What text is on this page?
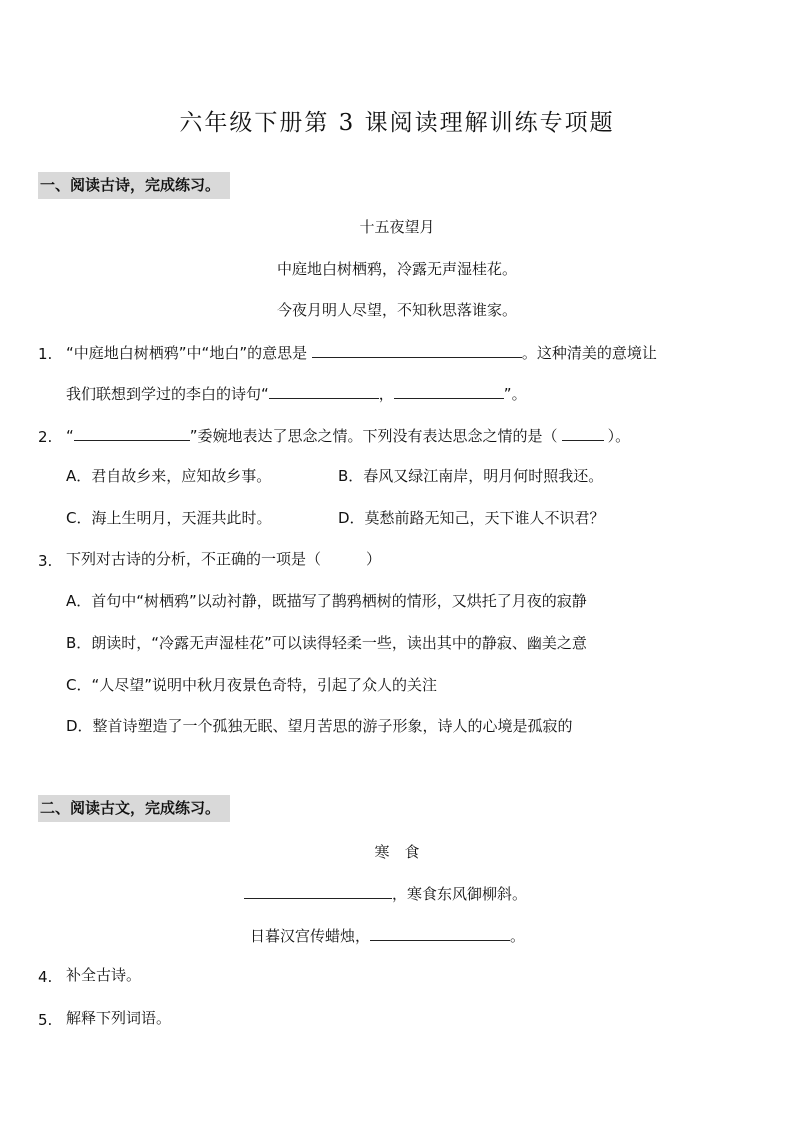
六年级下册第 3 课阅读理解训练专项题
一、阅读古诗，完成练习。
十五夜望月
中庭地白树栖鸦，冷露无声湿桂花。
今夜月明人尽望，不知秋思落谁家。
1. “中庭地白树栖鸦”中“地白”的意思是	。这种清美的意境让
我们联想到学过的李白的诗句“	，	”。
2. “	”委婉地表达了思念之情。下列没有表达思念之情的是（	）。
A．君自故乡来，应知故乡事。	B．春风又绿江南岸，明月何时照我还。
C．海上生明月，天涯共此时。	D．莫愁前路无知己，天下谁人不识君？
3. 下列对古诗的分析，不正确的一项是（　　　）
A．首句中“树栖鸦”以动衬静，既描写了鹊鸦栖树的情形，又烘托了月夜的寂静
B．朗读时，“冷露无声湿桂花”可以读得轻柔一些，读出其中的静寂、幽美之意
C．“人尽望”说明中秋月夜景色奇特，引起了众人的关注
D．整首诗塑造了一个孤独无眠、望月苦思的游子形象，诗人的心境是孤寂的
二、阅读古文，完成练习。
寒　食
，寒食东风御柳斜。
日暮汉宫传蜡烛，	。
4. 补全古诗。
5. 解释下列词语。
